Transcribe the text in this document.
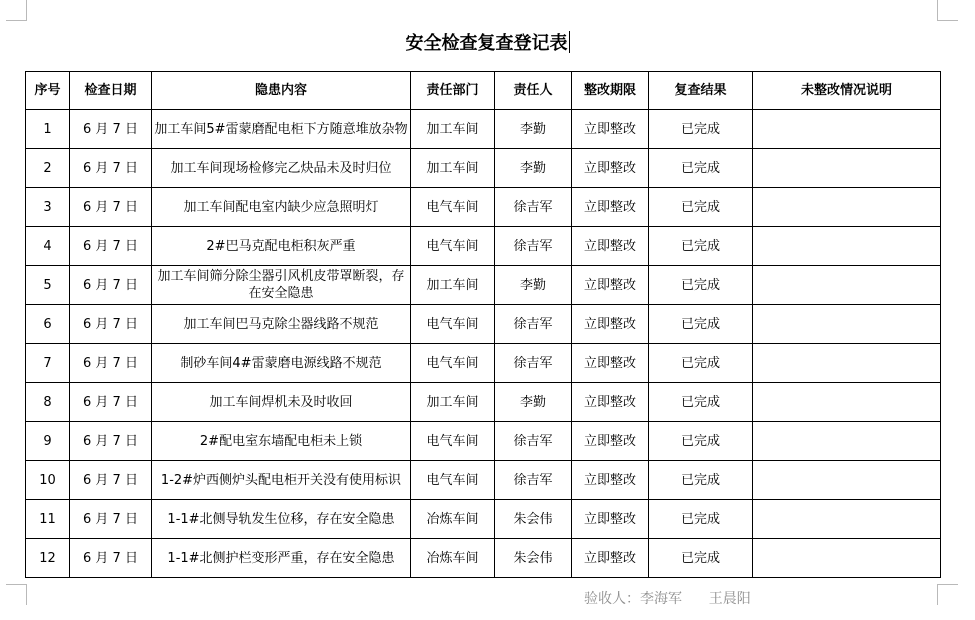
安全检查复查登记表
序号	检查日期	隐患内容	责任部门	责任人	整改期限	复查结果	未整改情况说明
1	6 月 7 日	加工车间5#雷蒙磨配电柜下方随意堆放杂物	加工车间	李勤	立即整改	已完成	
2	6 月 7 日	加工车间现场检修完乙炔品未及时归位	加工车间	李勤	立即整改	已完成	
3	6 月 7 日	加工车间配电室内缺少应急照明灯	电气车间	徐吉军	立即整改	已完成	
4	6 月 7 日	2#巴马克配电柜积灰严重	电气车间	徐吉军	立即整改	已完成	
5	6 月 7 日	加工车间筛分除尘器引风机皮带罩断裂，存在安全隐患	加工车间	李勤	立即整改	已完成	
6	6 月 7 日	加工车间巴马克除尘器线路不规范	电气车间	徐吉军	立即整改	已完成	
7	6 月 7 日	制砂车间4#雷蒙磨电源线路不规范	电气车间	徐吉军	立即整改	已完成	
8	6 月 7 日	加工车间焊机未及时收回	加工车间	李勤	立即整改	已完成	
9	6 月 7 日	2#配电室东墙配电柜未上锁	电气车间	徐吉军	立即整改	已完成	
10	6 月 7 日	1-2#炉西侧炉头配电柜开关没有使用标识	电气车间	徐吉军	立即整改	已完成	
11	6 月 7 日	1-1#北侧导轨发生位移，存在安全隐患	冶炼车间	朱会伟	立即整改	已完成	
12	6 月 7 日	1-1#北侧护栏变形严重，存在安全隐患	冶炼车间	朱会伟	立即整改	已完成	
验收人：李海军 王晨阳
